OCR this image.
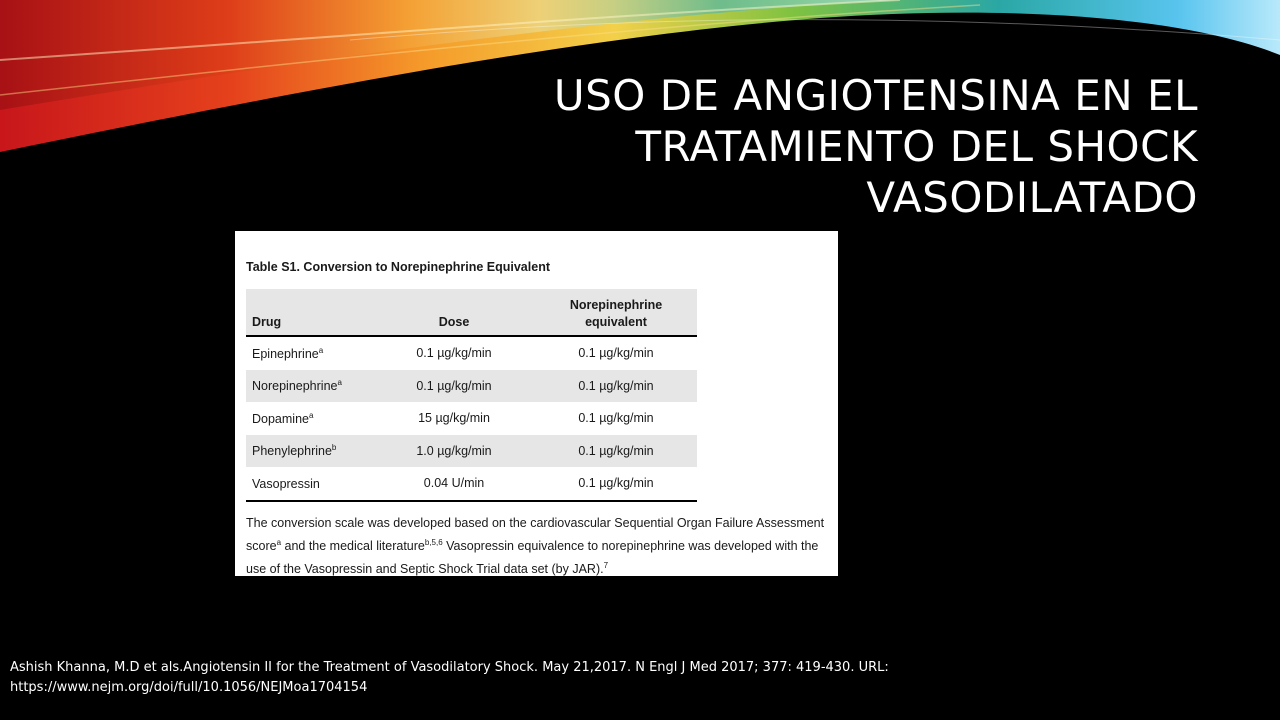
USO DE ANGIOTENSINA EN EL
TRATAMIENTO DEL SHOCK
VASODILATADO

Table S1. Conversion to Norepinephrine Equivalent

Drug	Dose	Norepinephrine
equivalent
Epinephrine$^a$	0.1 µg/kg/min	0.1 µg/kg/min
Norepinephrine$^a$	0.1 µg/kg/min	0.1 µg/kg/min
Dopamine$^a$	15 µg/kg/min	0.1 µg/kg/min
Phenylephrine$^b$	1.0 µg/kg/min	0.1 µg/kg/min
Vasopressin	0.04 U/min	0.1 µg/kg/min

The conversion scale was developed based on the cardiovascular Sequential Organ Failure Assessment score$^a$ and the medical literature$^{b,5,6}$ Vasopressin equivalence to norepinephrine was developed with the use of the Vasopressin and Septic Shock Trial data set (by JAR).$^7$

Ashish Khanna, M.D et als.Angiotensin II for the Treatment of Vasodilatory Shock. May 21,2017. N Engl J Med 2017; 377: 419-430. URL:
https://www.nejm.org/doi/full/10.1056/NEJMoa1704154
